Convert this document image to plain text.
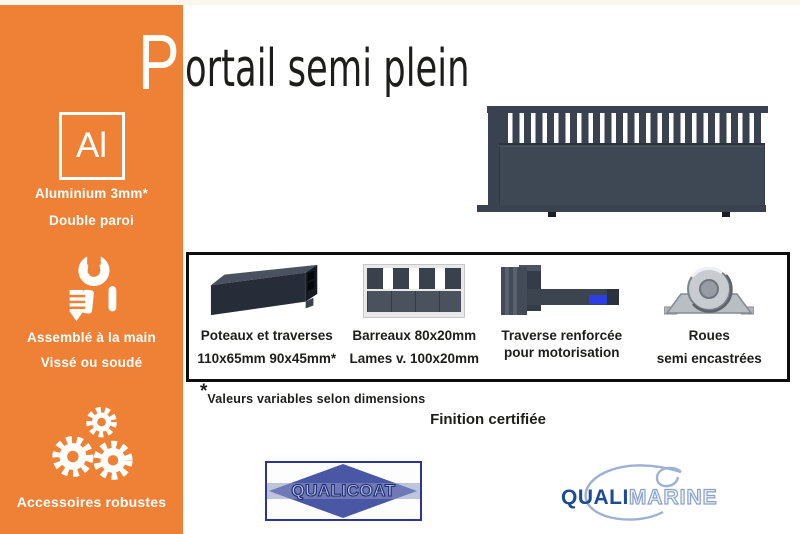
Al
Aluminium 3mm*
Double paroi
Assemblé à la main
Vissé ou soudé
Accessoires robustes
P ortail semi plein
Poteaux et traverses
110x65mm 90x45mm*
Barreaux 80x20mm
Lames v. 100x20mm
Traverse renforcée
pour motorisation
Roues
semi encastrées
*Valeurs variables selon dimensions
Finition certifiée
QUALICOAT	QUALIMARINE
